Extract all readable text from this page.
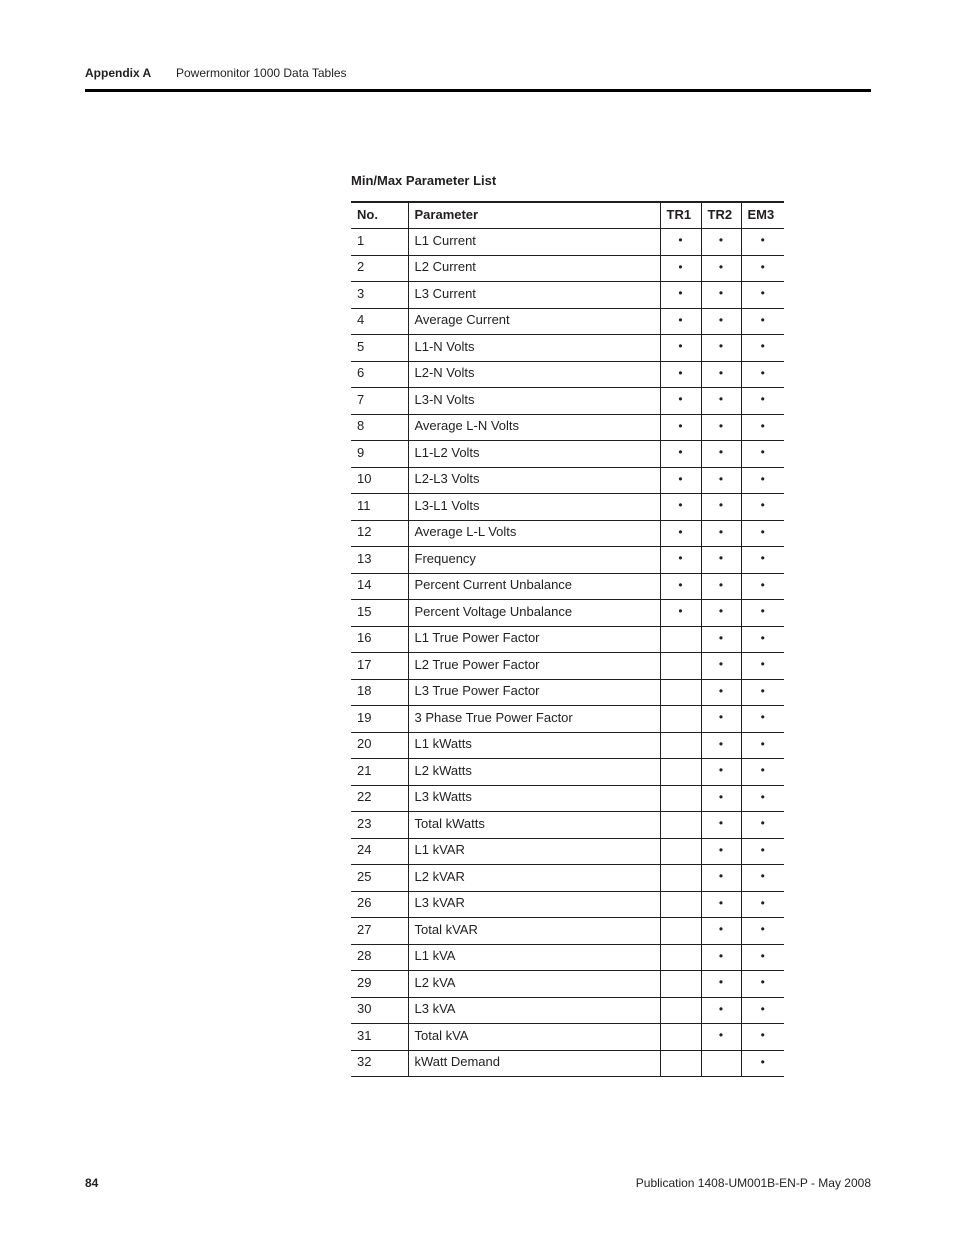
Appendix A Powermonitor 1000 Data Tables
Min/Max Parameter List
No.	Parameter	TR1	TR2	EM3
1	L1 Current	•	•	•
2	L2 Current	•	•	•
3	L3 Current	•	•	•
4	Average Current	•	•	•
5	L1-N Volts	•	•	•
6	L2-N Volts	•	•	•
7	L3-N Volts	•	•	•
8	Average L-N Volts	•	•	•
9	L1-L2 Volts	•	•	•
10	L2-L3 Volts	•	•	•
11	L3-L1 Volts	•	•	•
12	Average L-L Volts	•	•	•
13	Frequency	•	•	•
14	Percent Current Unbalance	•	•	•
15	Percent Voltage Unbalance	•	•	•
16	L1 True Power Factor		•	•
17	L2 True Power Factor		•	•
18	L3 True Power Factor		•	•
19	3 Phase True Power Factor		•	•
20	L1 kWatts		•	•
21	L2 kWatts		•	•
22	L3 kWatts		•	•
23	Total kWatts		•	•
24	L1 kVAR		•	•
25	L2 kVAR		•	•
26	L3 kVAR		•	•
27	Total kVAR		•	•
28	L1 kVA		•	•
29	L2 kVA		•	•
30	L3 kVA		•	•
31	Total kVA		•	•
32	kWatt Demand			•
84	Publication 1408-UM001B-EN-P - May 2008
